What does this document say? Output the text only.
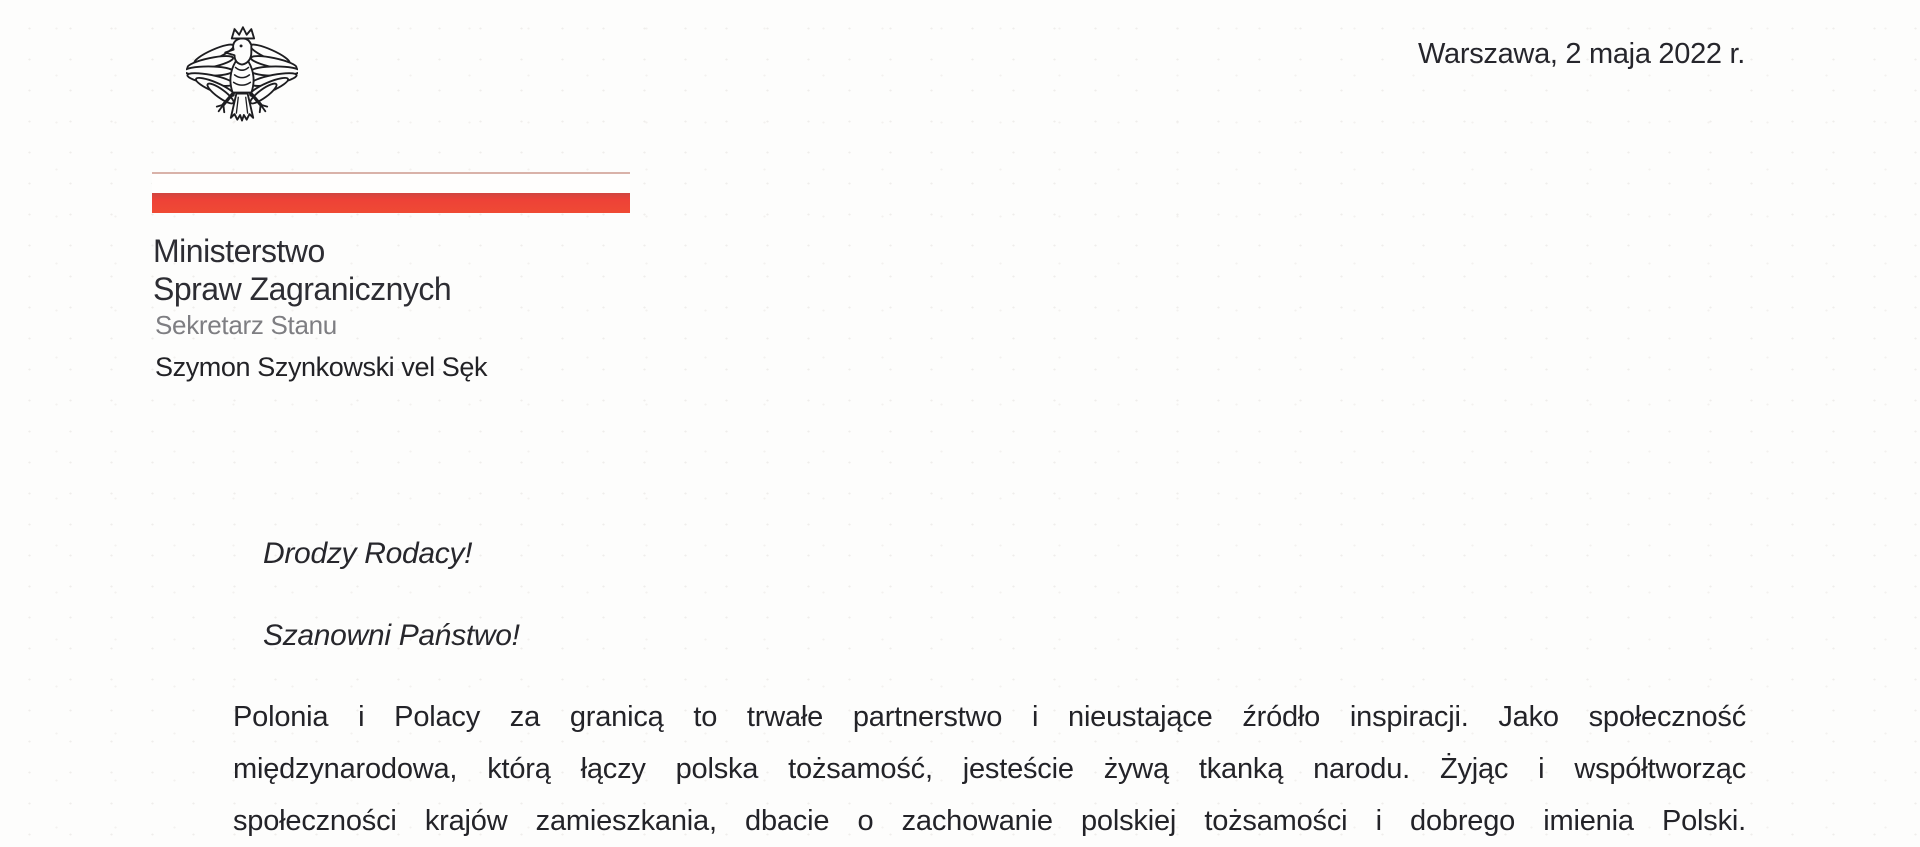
Warszawa, 2 maja 2022 r.
Ministerstwo
Spraw Zagranicznych
Sekretarz Stanu
Szymon Szynkowski vel Sęk
Drodzy Rodacy!
Szanowni Państwo!
Polonia i Polacy za granicą to trwałe partnerstwo i nieustające źródło inspiracji. Jako społeczność
międzynarodowa, którą łączy polska tożsamość, jesteście żywą tkanką narodu. Żyjąc i współtworząc
społeczności krajów zamieszkania, dbacie o zachowanie polskiej tożsamości i dobrego imienia Polski.
